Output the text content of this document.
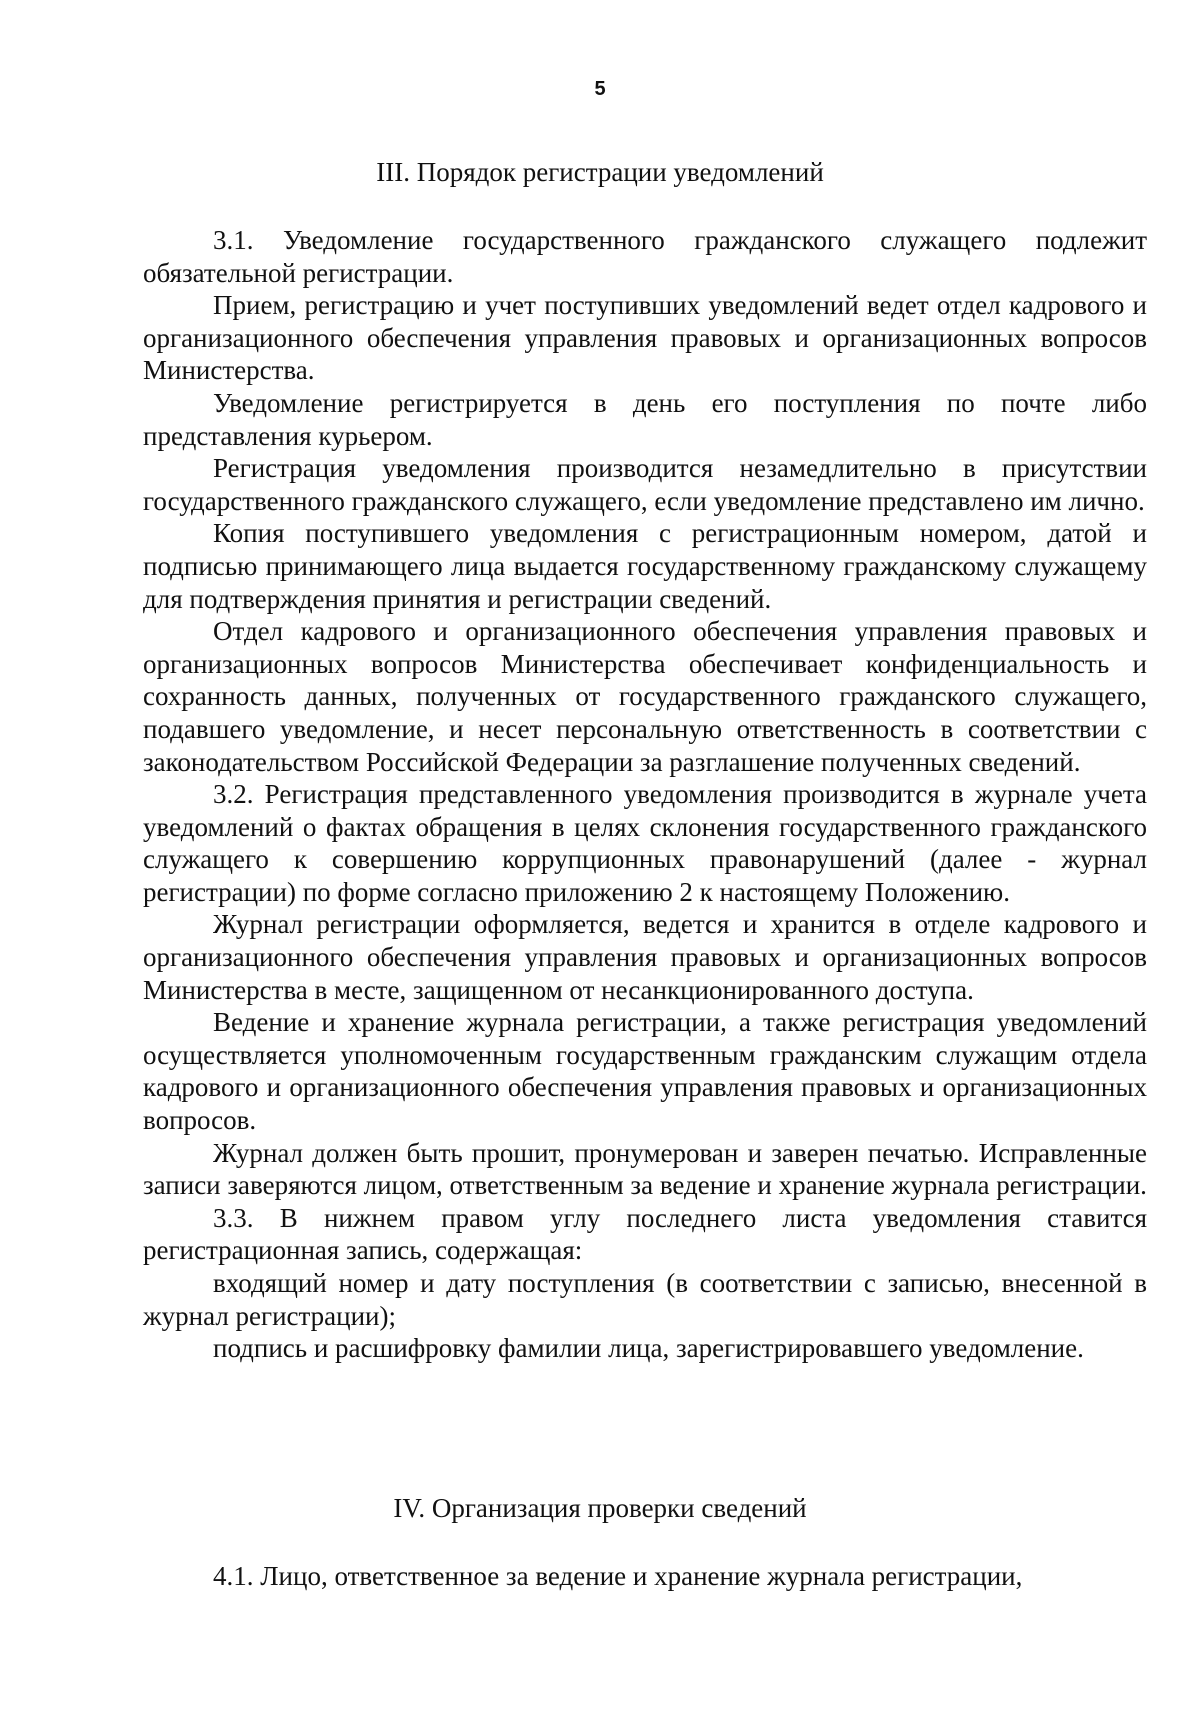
5
III. Порядок регистрации уведомлений

3.1. Уведомление государственного гражданского служащего подлежит обязательной регистрации.

Прием, регистрацию и учет поступивших уведомлений ведет отдел кадрового и организационного обеспечения управления правовых и организационных вопросов Министерства.

Уведомление регистрируется в день его поступления по почте либо представления курьером.

Регистрация уведомления производится незамедлительно в присутствии государственного гражданского служащего, если уведомление представлено им лично.

Копия поступившего уведомления с регистрационным номером, датой и подписью принимающего лица выдается государственному гражданскому служащему для подтверждения принятия и регистрации сведений.

Отдел кадрового и организационного обеспечения управления правовых и организационных вопросов Министерства обеспечивает конфиденциальность и сохранность данных, полученных от государственного гражданского служащего, подавшего уведомление, и несет персональную ответственность в соответствии с законодательством Российской Федерации за разглашение полученных сведений.

3.2. Регистрация представленного уведомления производится в журнале учета уведомлений о фактах обращения в целях склонения государственного гражданского служащего к совершению коррупционных правонарушений (далее - журнал регистрации) по форме согласно приложению 2 к настоящему Положению.

Журнал регистрации оформляется, ведется и хранится в отделе кадрового и организационного обеспечения управления правовых и организационных вопросов Министерства в месте, защищенном от несанкционированного доступа.

Ведение и хранение журнала регистрации, а также регистрация уведомлений осуществляется уполномоченным государственным гражданским служащим отдела кадрового и организационного обеспечения управления правовых и организационных вопросов.

Журнал должен быть прошит, пронумерован и заверен печатью. Исправленные записи заверяются лицом, ответственным за ведение и хранение журнала регистрации.

3.3. В нижнем правом углу последнего листа уведомления ставится регистрационная запись, содержащая:

входящий номер и дату поступления (в соответствии с записью, внесенной в журнал регистрации);

подпись и расшифровку фамилии лица, зарегистрировавшего уведомление.

IV. Организация проверки сведений

4.1. Лицо, ответственное за ведение и хранение журнала регистрации,
